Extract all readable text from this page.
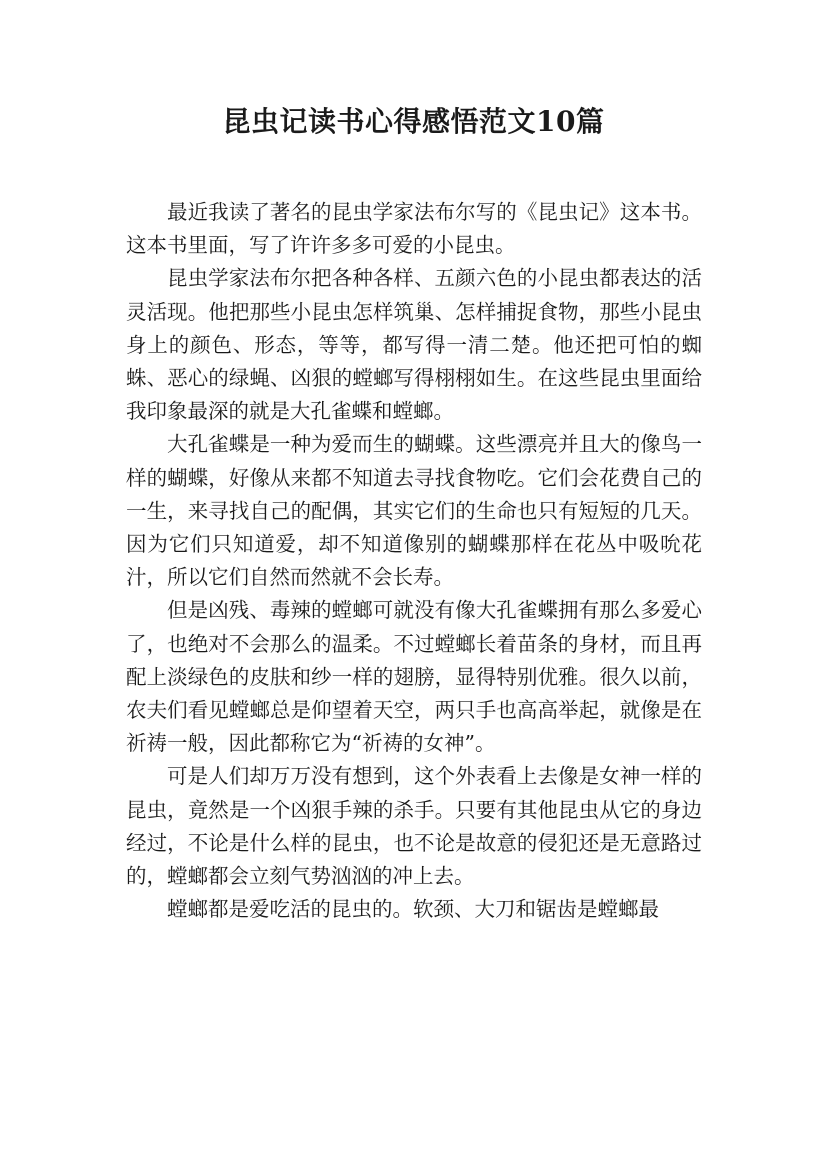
昆虫记读书心得感悟范文10篇

最近我读了著名的昆虫学家法布尔写的《昆虫记》这本书。这本书里面，写了许许多多可爱的小昆虫。

昆虫学家法布尔把各种各样、五颜六色的小昆虫都表达的活灵活现。他把那些小昆虫怎样筑巢、怎样捕捉食物，那些小昆虫身上的颜色、形态，等等，都写得一清二楚。他还把可怕的蜘蛛、恶心的绿蝇、凶狠的螳螂写得栩栩如生。在这些昆虫里面给我印象最深的就是大孔雀蝶和螳螂。

大孔雀蝶是一种为爱而生的蝴蝶。这些漂亮并且大的像鸟一样的蝴蝶，好像从来都不知道去寻找食物吃。它们会花费自己的一生，来寻找自己的配偶，其实它们的生命也只有短短的几天。因为它们只知道爱，却不知道像别的蝴蝶那样在花丛中吸吮花汁，所以它们自然而然就不会长寿。

但是凶残、毒辣的螳螂可就没有像大孔雀蝶拥有那么多爱心了，也绝对不会那么的温柔。不过螳螂长着苗条的身材，而且再配上淡绿色的皮肤和纱一样的翅膀，显得特别优雅。很久以前，农夫们看见螳螂总是仰望着天空，两只手也高高举起，就像是在祈祷一般，因此都称它为“祈祷的女神”。

可是人们却万万没有想到，这个外表看上去像是女神一样的昆虫，竟然是一个凶狠手辣的杀手。只要有其他昆虫从它的身边经过，不论是什么样的昆虫，也不论是故意的侵犯还是无意路过的，螳螂都会立刻气势汹汹的冲上去。

螳螂都是爱吃活的昆虫的。软颈、大刀和锯齿是螳螂最
